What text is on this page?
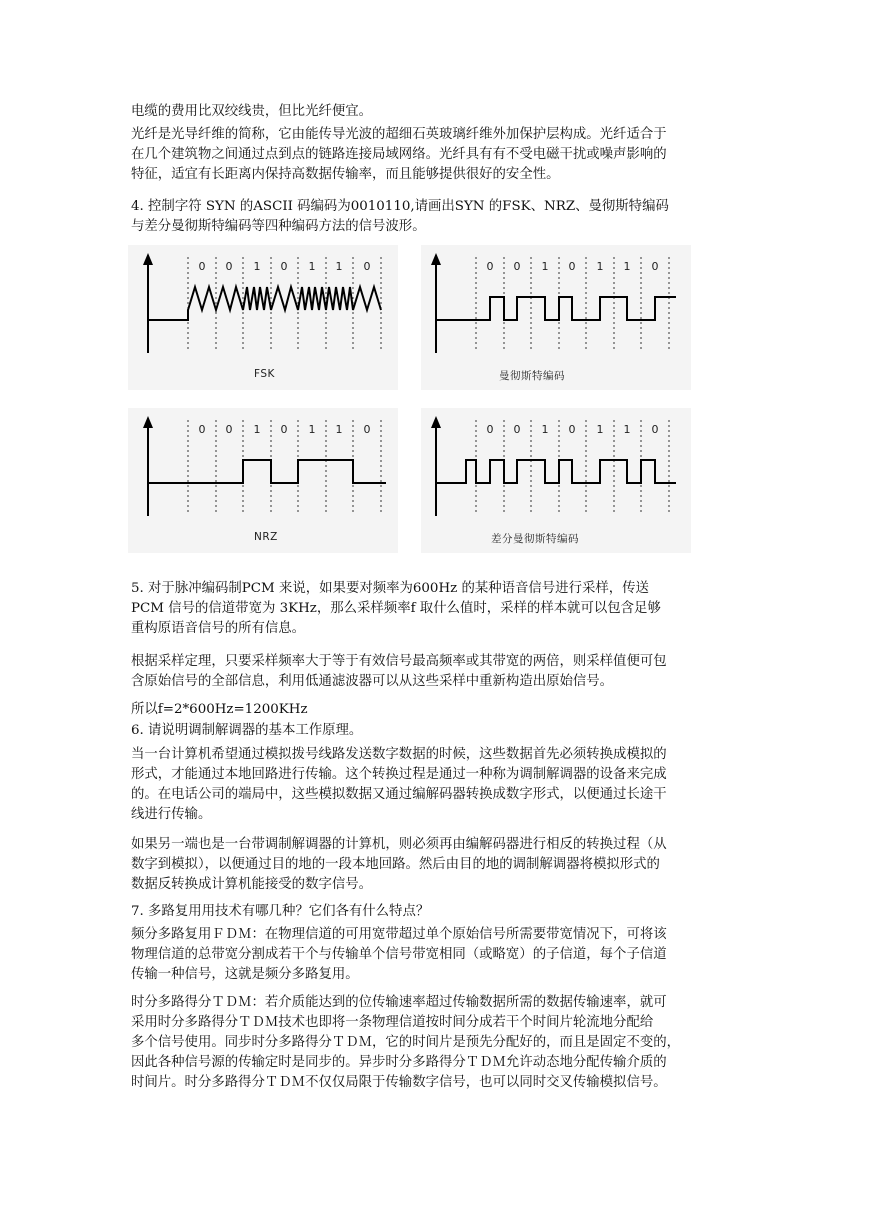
电缆的费用比双绞线贵，但比光纤便宜。
光纤是光导纤维的简称，它由能传导光波的超细石英玻璃纤维外加保护层构成。光纤适合于
在几个建筑物之间通过点到点的链路连接局域网络。光纤具有有不受电磁干扰或噪声影响的
特征，适宜有长距离内保持高数据传输率，而且能够提供很好的安全性。
4. 控制字符 SYN 的ASCII 码编码为0010110,请画出SYN 的FSK、NRZ、曼彻斯特编码
与差分曼彻斯特编码等四种编码方法的信号波形。
0 0 1 0 1 1 0
FSK
0 0 1 0 1 1 0
曼彻斯特编码
0 0 1 0 1 1 0
NRZ
0 0 1 0 1 1 0
差分曼彻斯特编码
5. 对于脉冲编码制PCM 来说，如果要对频率为600Hz 的某种语音信号进行采样，传送
PCM 信号的信道带宽为 3KHz，那么采样频率f 取什么值时，采样的样本就可以包含足够
重构原语音信号的所有信息。
根据采样定理，只要采样频率大于等于有效信号最高频率或其带宽的两倍，则采样值便可包
含原始信号的全部信息，利用低通滤波器可以从这些采样中重新构造出原始信号。
所以f=2*600Hz=1200KHz
6. 请说明调制解调器的基本工作原理。
当一台计算机希望通过模拟拨号线路发送数字数据的时候，这些数据首先必须转换成模拟的
形式，才能通过本地回路进行传输。这个转换过程是通过一种称为调制解调器的设备来完成
的。在电话公司的端局中，这些模拟数据又通过编解码器转换成数字形式，以便通过长途干
线进行传输。
如果另一端也是一台带调制解调器的计算机，则必须再由编解码器进行相反的转换过程（从
数字到模拟），以便通过目的地的一段本地回路。然后由目的地的调制解调器将模拟形式的
数据反转换成计算机能接受的数字信号。
7. 多路复用用技术有哪几种？它们各有什么特点？
频分多路复用ＦＤＭ：在物理信道的可用宽带超过单个原始信号所需要带宽情况下，可将该
物理信道的总带宽分割成若干个与传输单个信号带宽相同（或略宽）的子信道，每个子信道
传输一种信号，这就是频分多路复用。
时分多路得分ＴＤＭ：若介质能达到的位传输速率超过传输数据所需的数据传输速率，就可
采用时分多路得分ＴＤＭ技术也即将一条物理信道按时间分成若干个时间片轮流地分配给
多个信号使用。同步时分多路得分ＴＤＭ，它的时间片是预先分配好的，而且是固定不变的，
因此各种信号源的传输定时是同步的。异步时分多路得分ＴＤＭ允许动态地分配传输介质的
时间片。时分多路得分ＴＤＭ不仅仅局限于传输数字信号，也可以同时交叉传输模拟信号。
